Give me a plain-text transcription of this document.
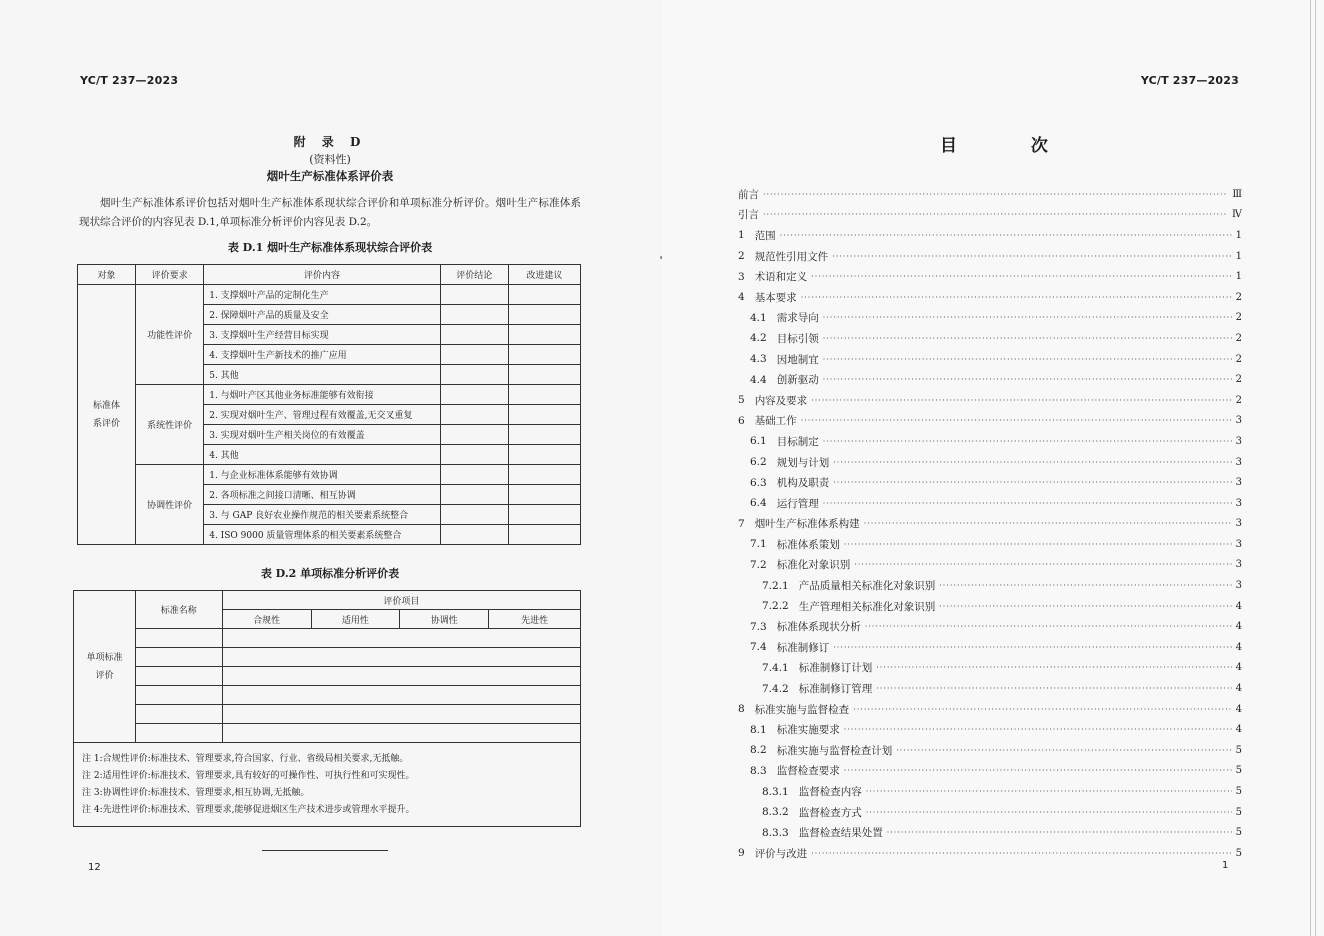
YC/T 237—2023
附 录 D
(资料性)
烟叶生产标准体系评价表
烟叶生产标准体系评价包括对烟叶生产标准体系现状综合评价和单项标准分析评价。烟叶生产标准体系现状综合评价的内容见表 D.1,单项标准分析评价内容见表 D.2。
表 D.1 烟叶生产标准体系现状综合评价表
对象	评价要求	评价内容	评价结论	改进建议
标准体系评价	功能性评价	1. 支撑烟叶产品的定制化生产		
		2. 保障烟叶产品的质量及安全		
		3. 支撑烟叶生产经营目标实现		
		4. 支撑烟叶生产新技术的推广应用		
		5. 其他		
	系统性评价	1. 与烟叶产区其他业务标准能够有效衔接		
		2. 实现对烟叶生产、管理过程有效覆盖,无交叉重复		
		3. 实现对烟叶生产相关岗位的有效覆盖		
		4. 其他		
	协调性评价	1. 与企业标准体系能够有效协调		
		2. 各项标准之间接口清晰、相互协调		
		3. 与 GAP 良好农业操作规范的相关要素系统整合		
		4. ISO 9000 质量管理体系的相关要素系统整合		
表 D.2 单项标准分析评价表
单项标准评价	标准名称	评价项目			
		合规性	适用性	协调性	先进性

注 1:合规性评价:标准技术、管理要求,符合国家、行业、省级局相关要求,无抵触。
注 2:适用性评价:标准技术、管理要求,具有较好的可操作性、可执行性和可实现性。
注 3:协调性评价:标准技术、管理要求,相互协调,无抵触。
注 4:先进性评价:标准技术、管理要求,能够促进烟区生产技术进步或管理水平提升。					
12
YC/T 237—2023
目 次
前言 ·····	Ⅲ
引言 ·····	Ⅳ
1 范围 ·····	1
2 规范性引用文件 ·····	1
3 术语和定义 ·····	1
4 基本要求 ·····	2
4.1 需求导向 ·····	2
4.2 目标引领 ·····	2
4.3 因地制宜 ·····	2
4.4 创新驱动 ·····	2
5 内容及要求 ·····	2
6 基础工作 ·····	3
6.1 目标制定 ·····	3
6.2 规划与计划 ·····	3
6.3 机构及职责 ·····	3
6.4 运行管理 ·····	3
7 烟叶生产标准体系构建 ·····	3
7.1 标准体系策划 ·····	3
7.2 标准化对象识别 ·····	3
7.2.1 产品质量相关标准化对象识别 ·····	3
7.2.2 生产管理相关标准化对象识别 ·····	4
7.3 标准体系现状分析 ·····	4
7.4 标准制修订 ·····	4
7.4.1 标准制修订计划 ·····	4
7.4.2 标准制修订管理 ·····	4
8 标准实施与监督检查 ·····	4
8.1 标准实施要求 ·····	4
8.2 标准实施与监督检查计划 ·····	5
8.3 监督检查要求 ·····	5
8.3.1 监督检查内容 ·····	5
8.3.2 监督检查方式 ·····	5
8.3.3 监督检查结果处置 ·····	5
9 评价与改进 ·····	5
1
